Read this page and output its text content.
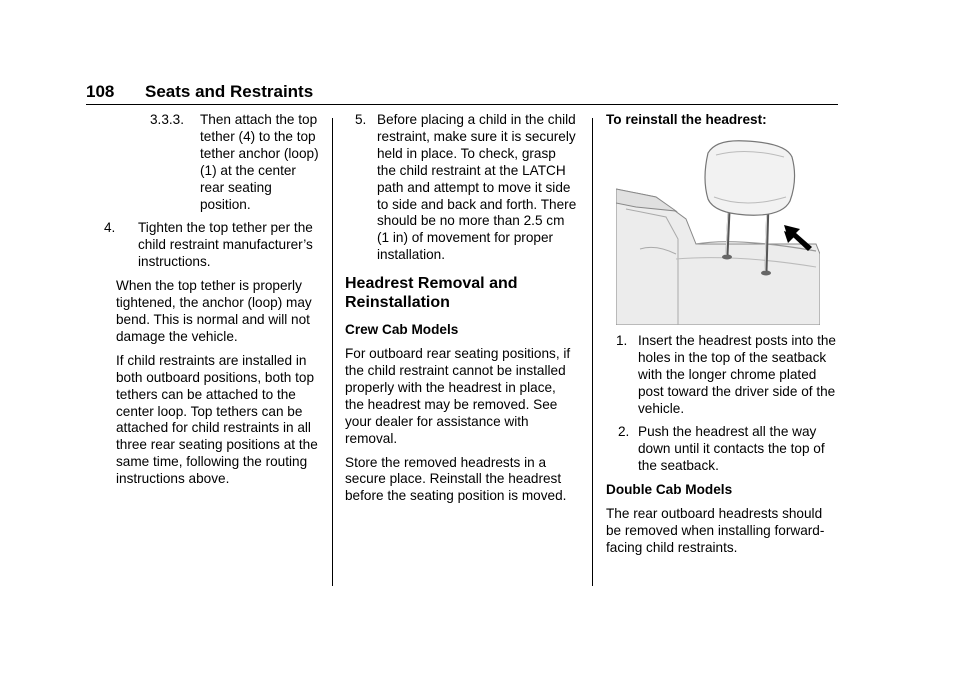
108 Seats and Restraints
3.3.3.	Then attach the top tether (4) to the top tether anchor (loop) (1) at the center rear seating position.
4.	Tighten the top tether per the child restraint manufacturer’s instructions.

When the top tether is properly tightened, the anchor (loop) may bend. This is normal and will not damage the vehicle.

If child restraints are installed in both outboard positions, both top tethers can be attached to the center loop. Top tethers can be attached for child restraints in all three rear seating positions at the same time, following the routing instructions above.

5. Before placing a child in the child restraint, make sure it is securely held in place. To check, grasp the child restraint at the LATCH path and attempt to move it side to side and back and forth. There should be no more than 2.5 cm (1 in) of movement for proper installation.
Headrest Removal and Reinstallation
Crew Cab Models

For outboard rear seating positions, if the child restraint cannot be installed properly with the headrest in place, the headrest may be removed. See your dealer for assistance with removal.

Store the removed headrests in a secure place. Reinstall the headrest before the seating position is moved.

To reinstall the headrest:
1. Insert the headrest posts into the holes in the top of the seatback with the longer chrome plated post toward the driver side of the vehicle.
2. Push the headrest all the way down until it contacts the top of the seatback.
Double Cab Models

The rear outboard headrests should be removed when installing forward-facing child restraints.
